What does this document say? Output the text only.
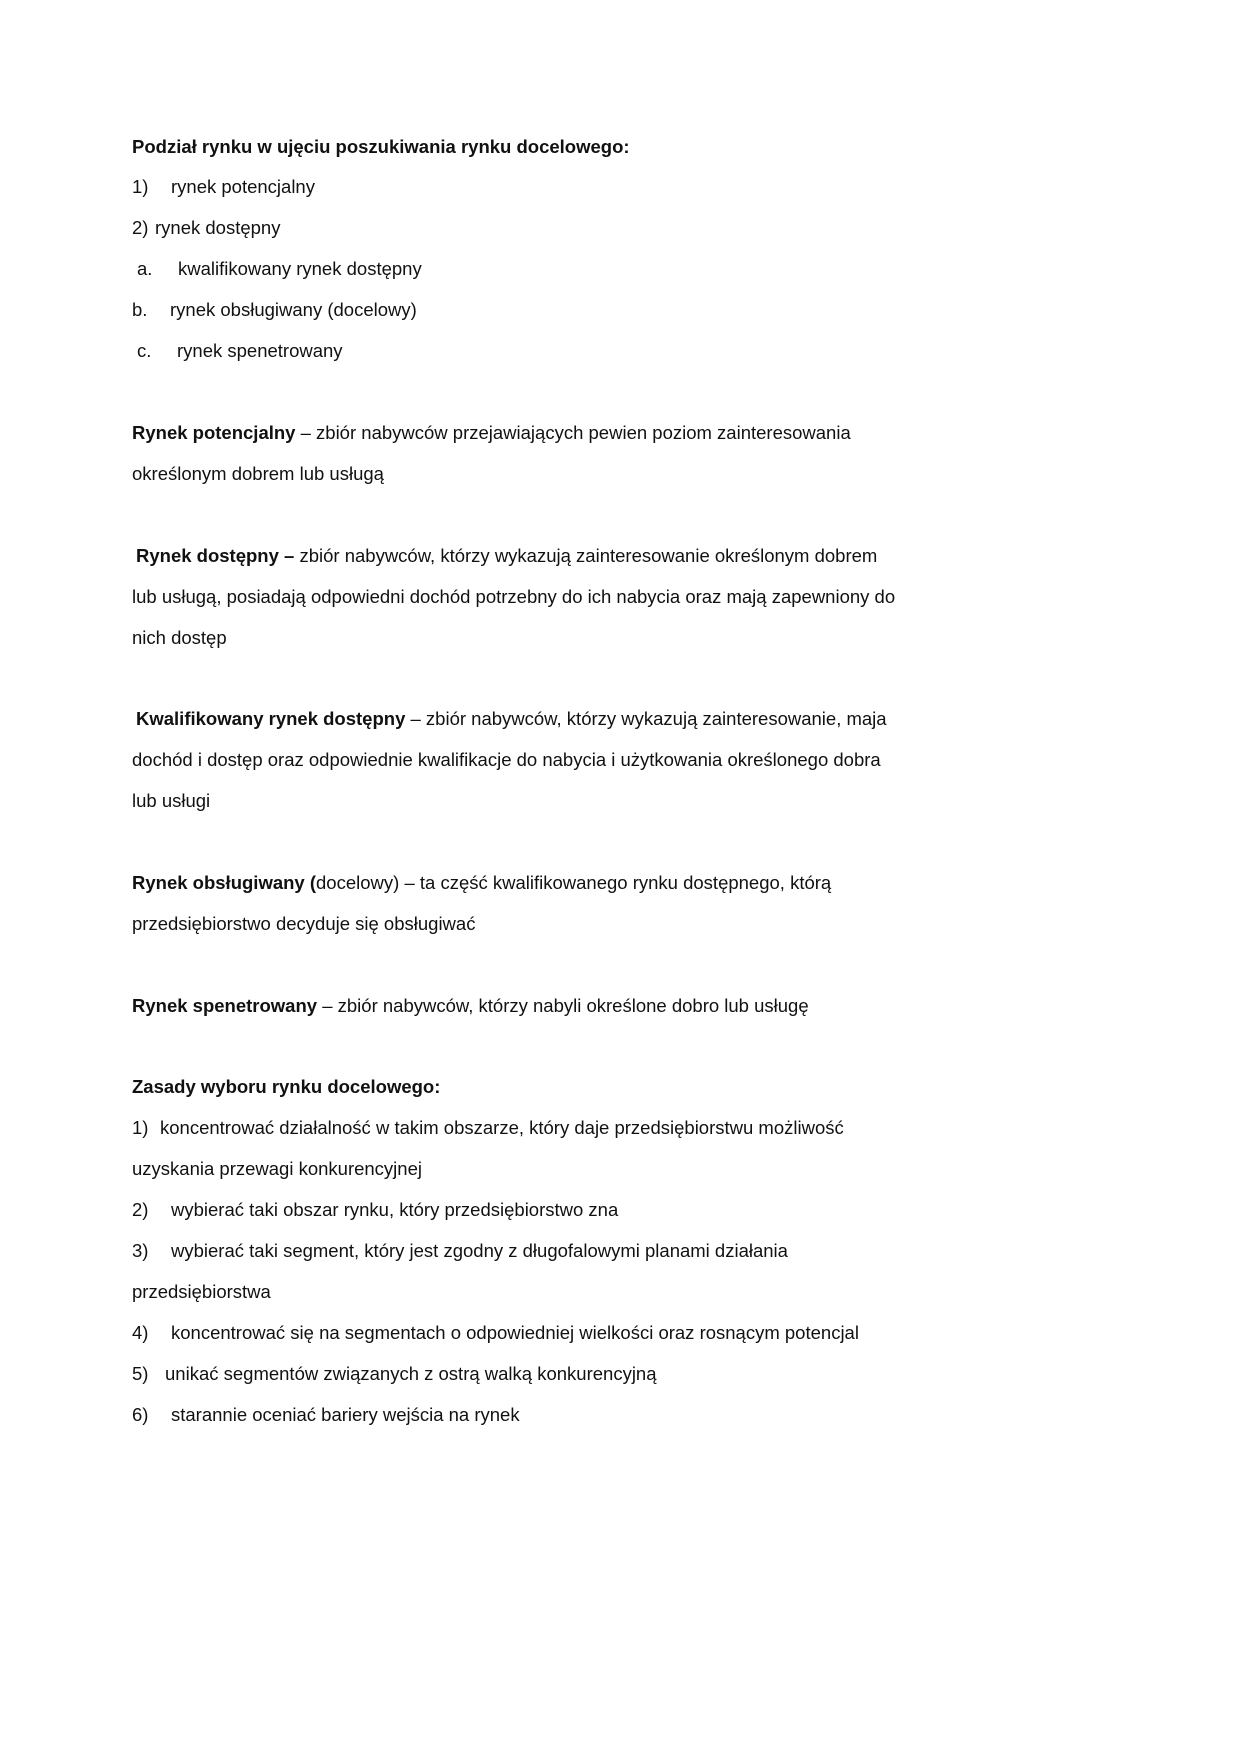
Podział rynku w ujęciu poszukiwania rynku docelowego:
1) rynek potencjalny
2) rynek dostępny
a. kwalifikowany rynek dostępny
b. rynek obsługiwany (docelowy)
c. rynek spenetrowany
Rynek potencjalny – zbiór nabywców przejawiających pewien poziom zainteresowania
określonym dobrem lub usługą
Rynek dostępny – zbiór nabywców, którzy wykazują zainteresowanie określonym dobrem
lub usługą, posiadają odpowiedni dochód potrzebny do ich nabycia oraz mają zapewniony do
nich dostęp
Kwalifikowany rynek dostępny – zbiór nabywców, którzy wykazują zainteresowanie, maja
dochód i dostęp oraz odpowiednie kwalifikacje do nabycia i użytkowania określonego dobra
lub usługi
Rynek obsługiwany (docelowy) – ta część kwalifikowanego rynku dostępnego, którą
przedsiębiorstwo decyduje się obsługiwać
Rynek spenetrowany – zbiór nabywców, którzy nabyli określone dobro lub usługę
Zasady wyboru rynku docelowego:
1) koncentrować działalność w takim obszarze, który daje przedsiębiorstwu możliwość
uzyskania przewagi konkurencyjnej
2) wybierać taki obszar rynku, który przedsiębiorstwo zna
3) wybierać taki segment, który jest zgodny z długofalowymi planami działania
przedsiębiorstwa
4) koncentrować się na segmentach o odpowiedniej wielkości oraz rosnącym potencjal
5) unikać segmentów związanych z ostrą walką konkurencyjną
6) starannie oceniać bariery wejścia na rynek
